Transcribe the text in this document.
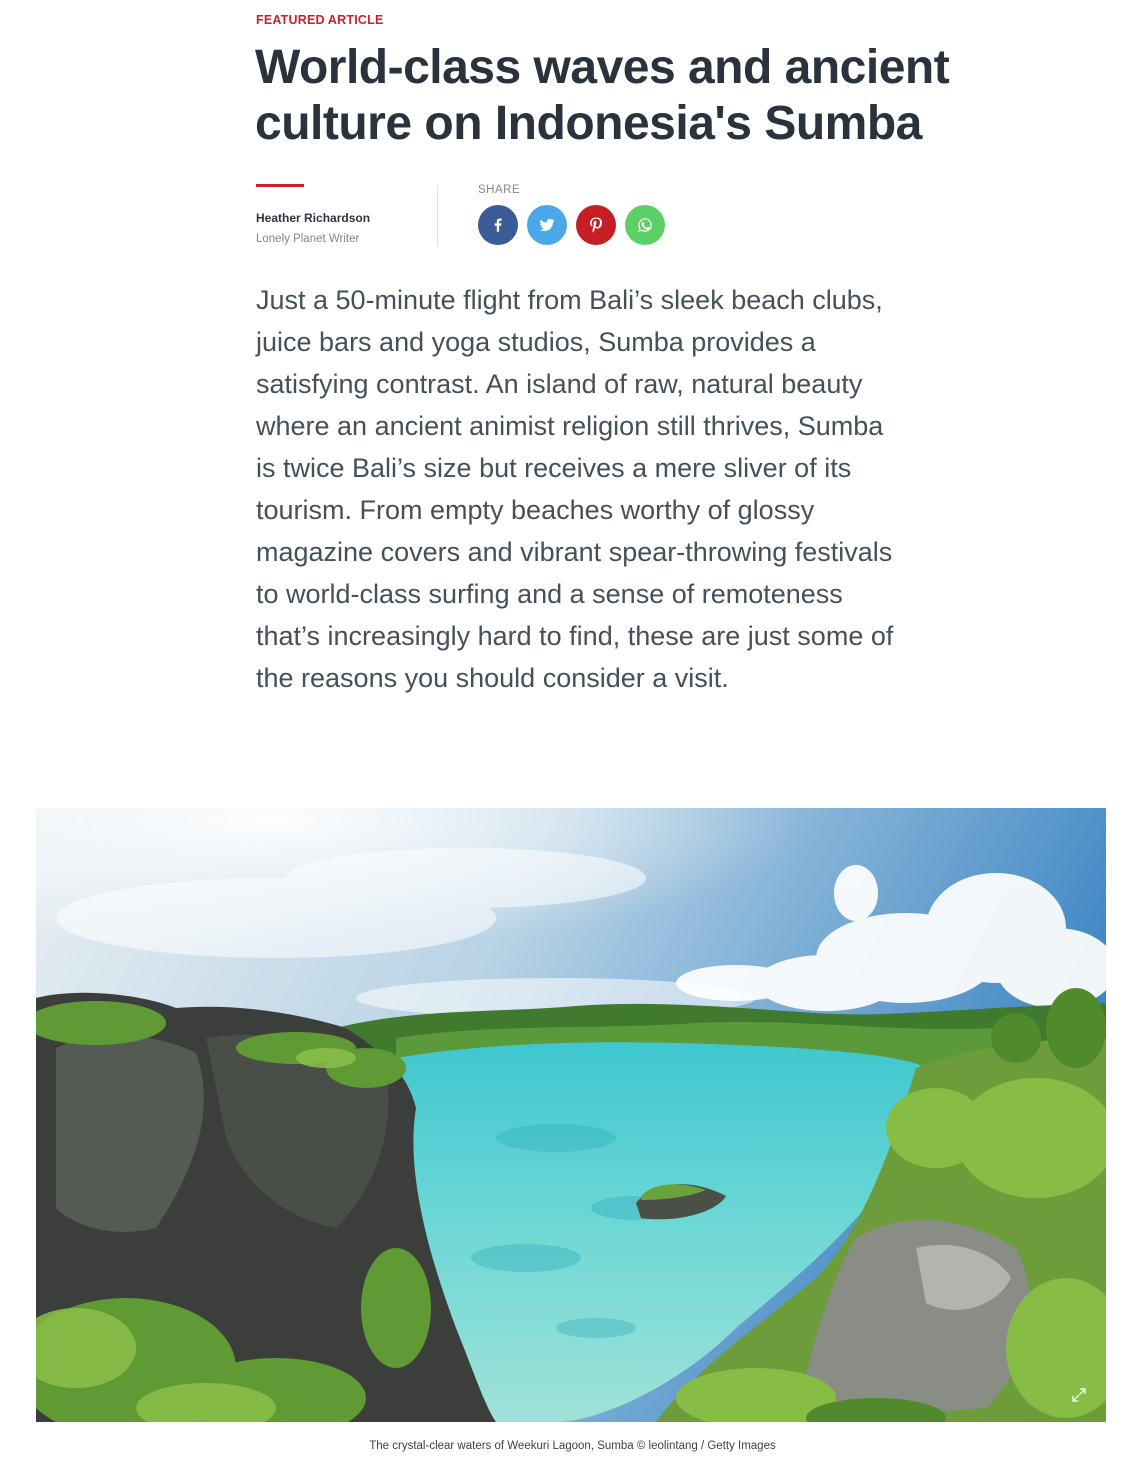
FEATURED ARTICLE
World-class waves and ancient culture on Indonesia's Sumba
Heather Richardson
Lonely Planet Writer
SHARE

Just a 50-minute flight from Bali’s sleek beach clubs, juice bars and yoga studios, Sumba provides a satisfying contrast. An island of raw, natural beauty where an ancient animist religion still thrives, Sumba is twice Bali’s size but receives a mere sliver of its tourism. From empty beaches worthy of glossy magazine covers and vibrant spear-throwing festivals to world-class surfing and a sense of remoteness that’s increasingly hard to find, these are just some of the reasons you should consider a visit.

The crystal-clear waters of Weekuri Lagoon, Sumba © leolintang / Getty Images
